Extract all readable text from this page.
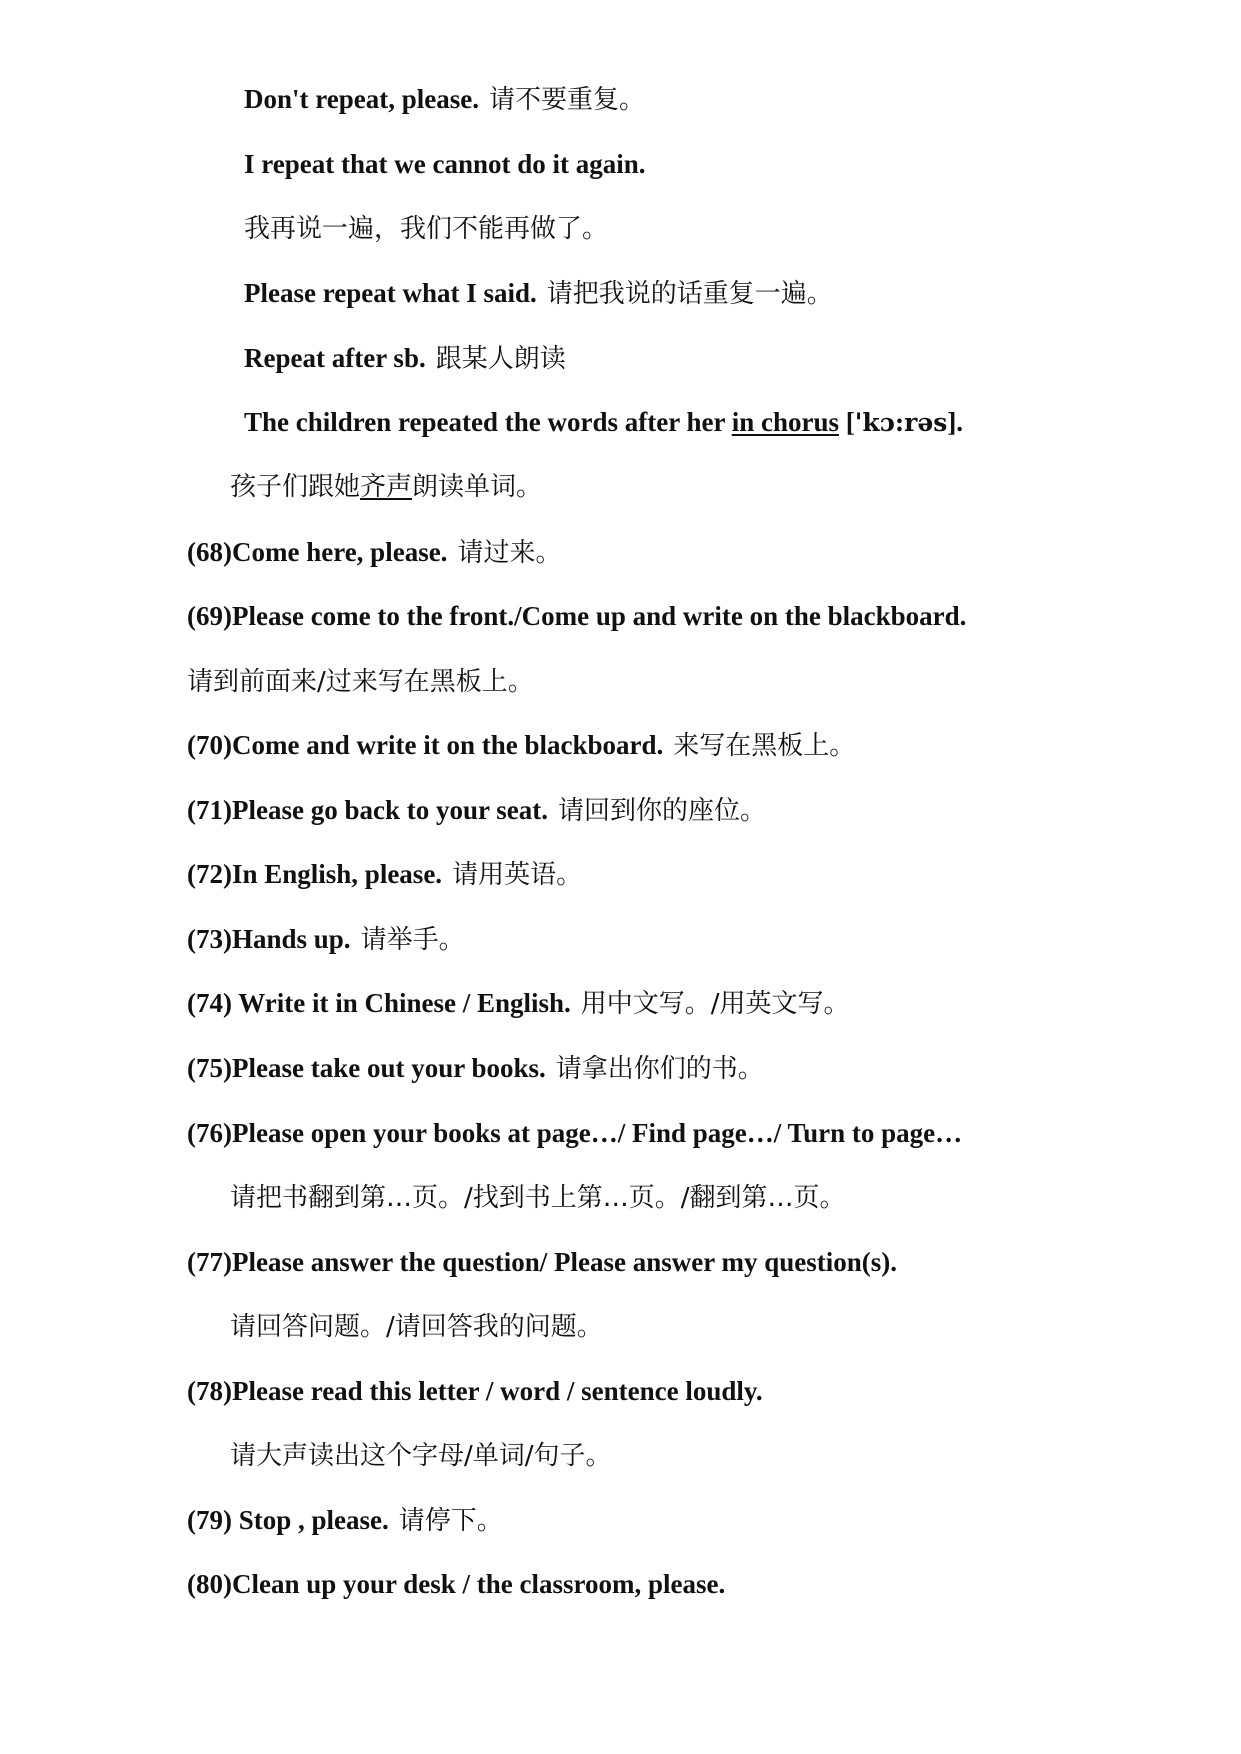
Don't repeat, please. 请不要重复。
I repeat that we cannot do it again.
我再说一遍，我们不能再做了。
Please repeat what I said. 请把我说的话重复一遍。
Repeat after sb. 跟某人朗读
The children repeated the words after her in chorus ['kɔ:rəs].
孩子们跟她齐声朗读单词。
(68)Come here, please. 请过来。
(69)Please come to the front./Come up and write on the blackboard.
请到前面来/过来写在黑板上。
(70)Come and write it on the blackboard. 来写在黑板上。
(71)Please go back to your seat. 请回到你的座位。
(72)In English, please. 请用英语。
(73)Hands up. 请举手。
(74) Write it in Chinese / English. 用中文写。/用英文写。
(75)Please take out your books. 请拿出你们的书。
(76)Please open your books at page…/ Find page…/ Turn to page…
请把书翻到第…页。/找到书上第…页。/翻到第…页。
(77)Please answer the question/ Please answer my question(s).
请回答问题。/请回答我的问题。
(78)Please read this letter / word / sentence loudly.
请大声读出这个字母/单词/句子。
(79) Stop , please. 请停下。
(80)Clean up your desk / the classroom, please.
